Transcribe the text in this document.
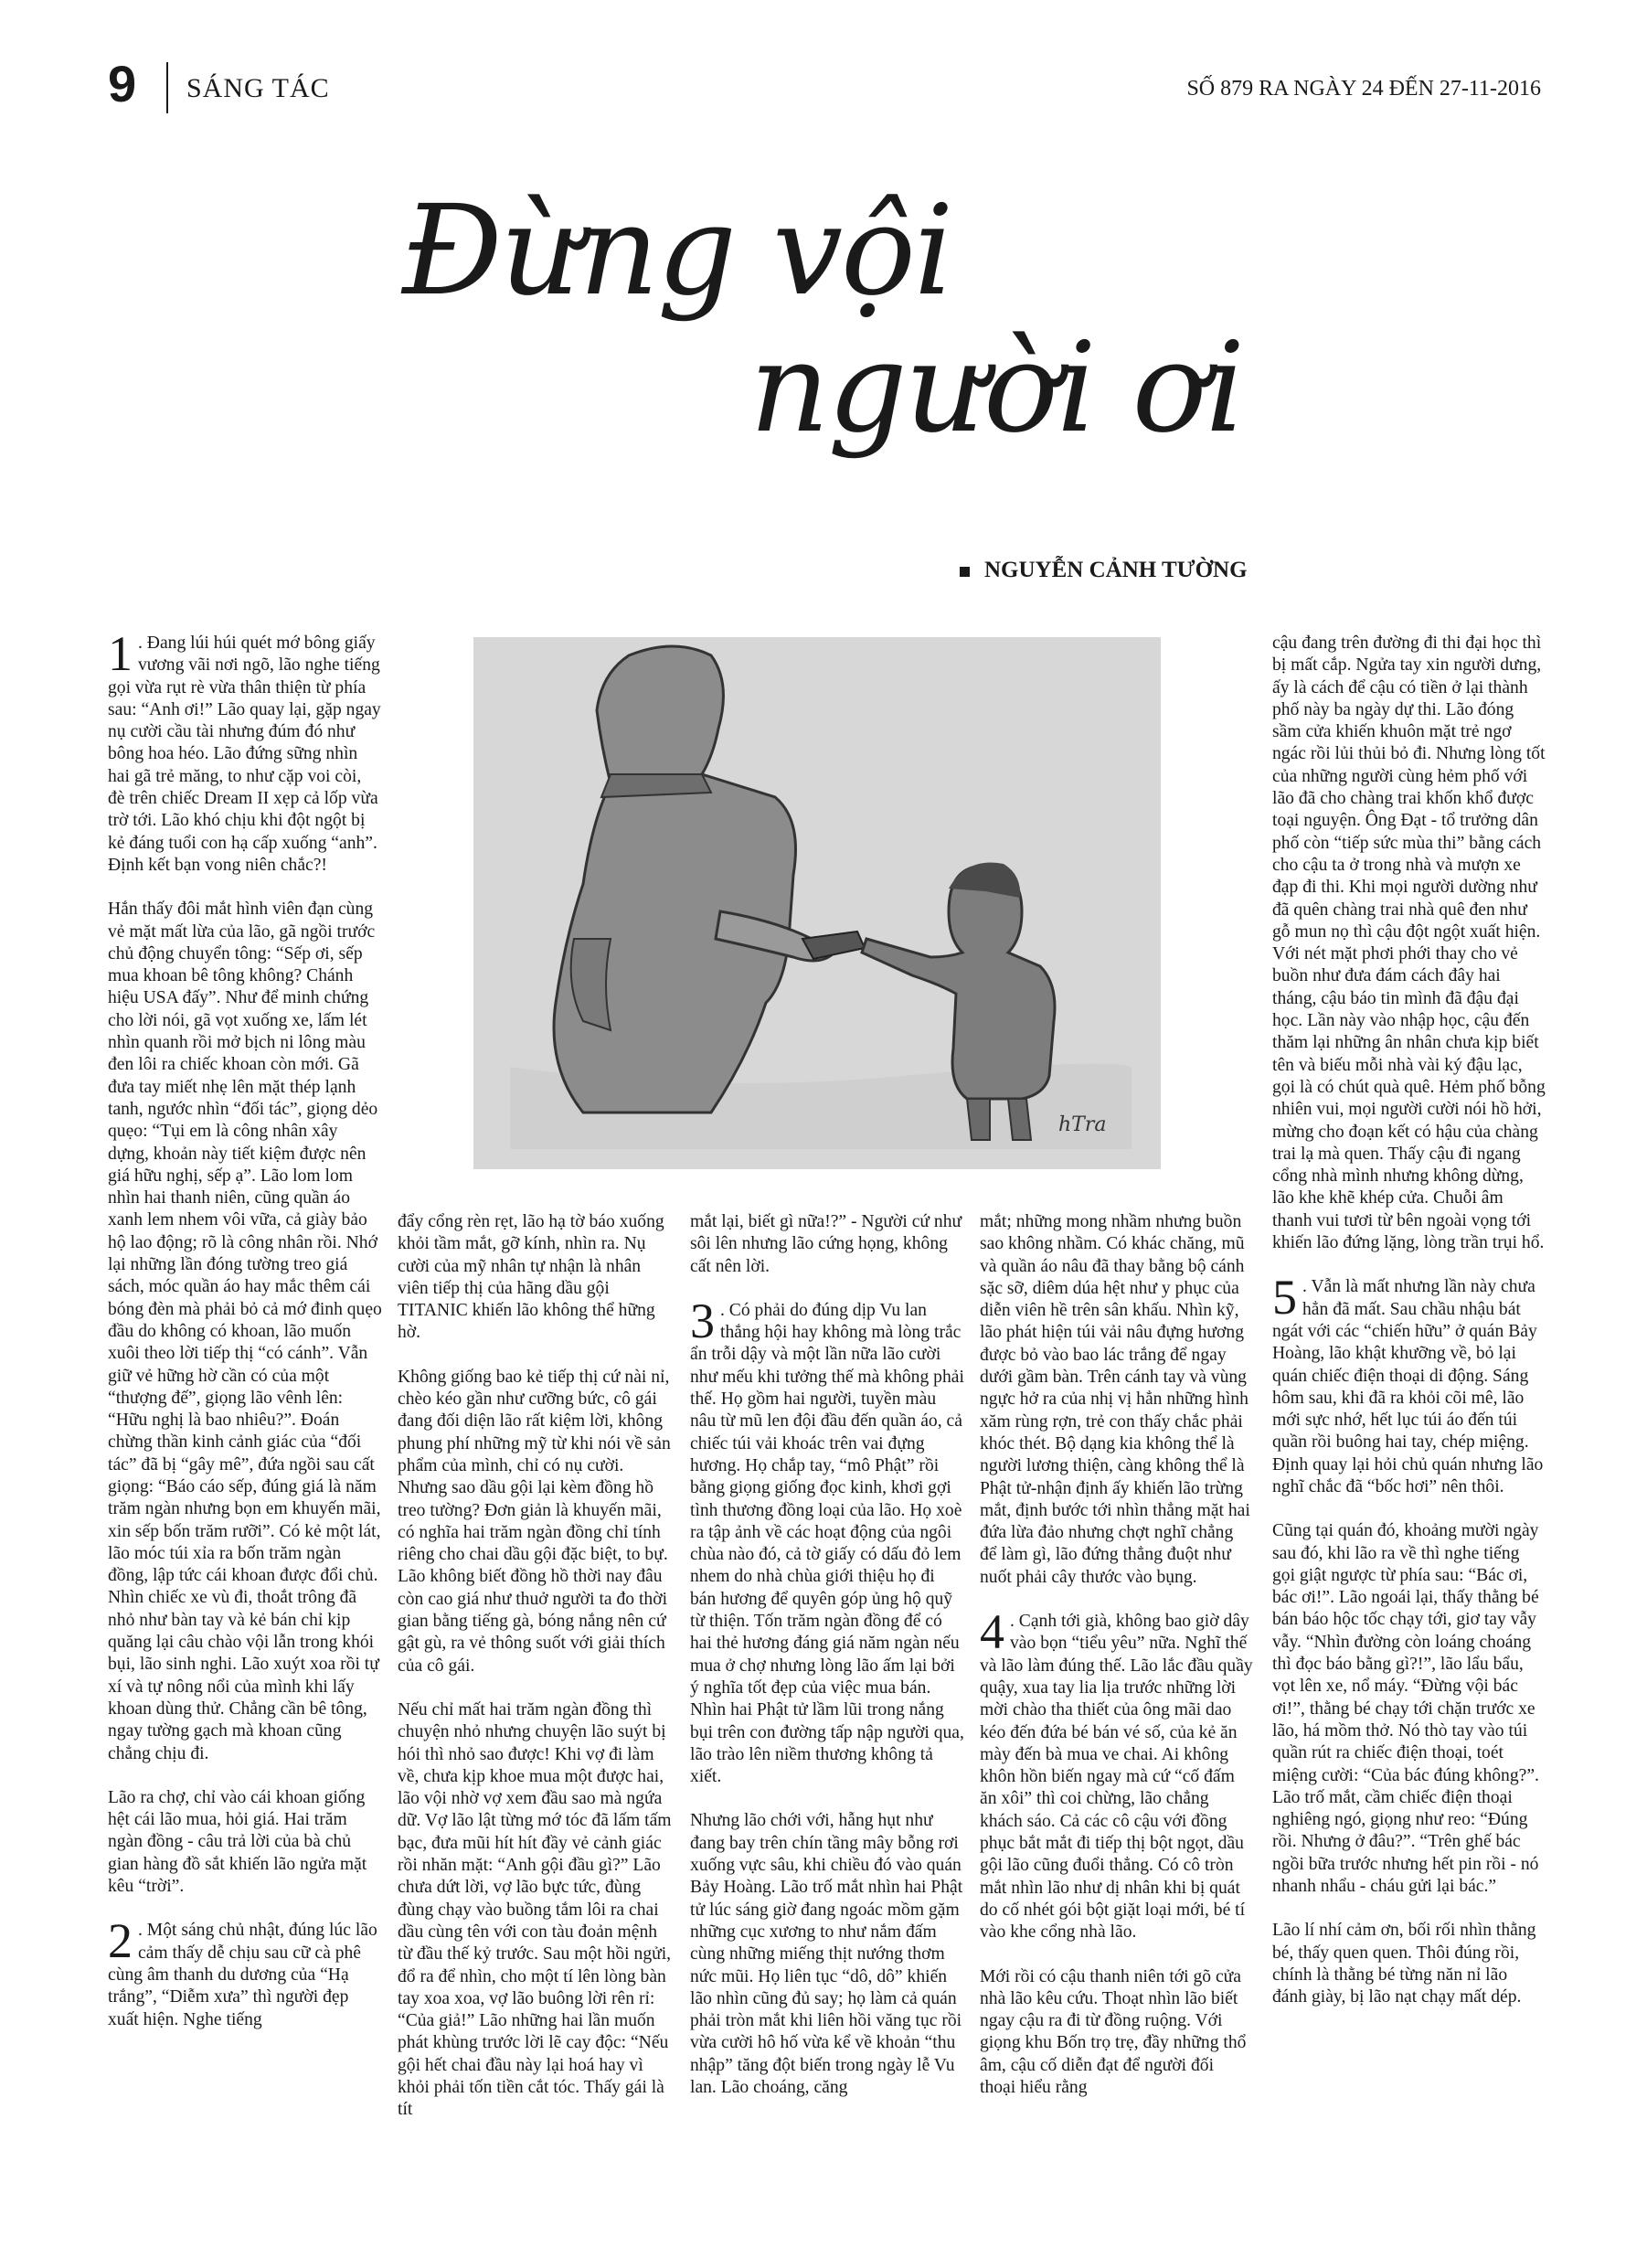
9 SÁNG TÁC	SỐ 879 RA NGÀY 24 ĐẾN 27-11-2016
Đừng vội
người ơi
NGUYỄN CẢNH TƯỜNG
hTra

1 . Đang lúi húi quét mớ bông giấy vương vãi nơi ngõ, lão nghe tiếng gọi vừa rụt rè vừa thân thiện từ phía sau: “Anh ơi!” Lão quay lại, gặp ngay nụ cười cầu tài nhưng đúm đó như bông hoa héo. Lão đứng sững nhìn hai gã trẻ măng, to như cặp voi còi, đè trên chiếc Dream II xẹp cả lốp vừa trờ tới. Lão khó chịu khi đột ngột bị kẻ đáng tuổi con hạ cấp xuống “anh”. Định kết bạn vong niên chắc?!

Hắn thấy đôi mắt hình viên đạn cùng vẻ mặt mất lừa của lão, gã ngồi trước chủ động chuyển tông: “Sếp ơi, sếp mua khoan bê tông không? Chánh hiệu USA đấy”. Như để minh chứng cho lời nói, gã vọt xuống xe, lấm lét nhìn quanh rồi mở bịch ni lông màu đen lôi ra chiếc khoan còn mới. Gã đưa tay miết nhẹ lên mặt thép lạnh tanh, ngước nhìn “đối tác”, giọng dẻo quẹo: “Tụi em là công nhân xây dựng, khoản này tiết kiệm được nên giá hữu nghị, sếp ạ”. Lão lom lom nhìn hai thanh niên, cũng quần áo xanh lem nhem vôi vữa, cả giày bảo hộ lao động; rõ là công nhân rồi. Nhớ lại những lần đóng tường treo giá sách, móc quần áo hay mắc thêm cái bóng đèn mà phải bỏ cả mớ đinh quẹo đầu do không có khoan, lão muốn xuôi theo lời tiếp thị “có cánh”. Vẫn giữ vẻ hững hờ cần có của một “thượng đế”, giọng lão vênh lên: “Hữu nghị là bao nhiêu?”. Đoán chừng thần kinh cảnh giác của “đối tác” đã bị “gây mê”, đứa ngồi sau cất giọng: “Báo cáo sếp, đúng giá là năm trăm ngàn nhưng bọn em khuyến mãi, xin sếp bốn trăm rưỡi”. Có kẻ một lát, lão móc túi xỉa ra bốn trăm ngàn đồng, lập tức cái khoan được đổi chủ. Nhìn chiếc xe vù đi, thoắt trông đã nhỏ như bàn tay và kẻ bán chỉ kịp quăng lại câu chào vội lẫn trong khói bụi, lão sinh nghi. Lão xuýt xoa rồi tự xí và tự nông nổi của mình khi lấy khoan dùng thử. Chẳng cần bê tông, ngay tường gạch mà khoan cũng chẳng chịu đi.

Lão ra chợ, chỉ vào cái khoan giống hệt cái lão mua, hỏi giá. Hai trăm ngàn đồng - câu trả lời của bà chủ gian hàng đồ sắt khiến lão ngửa mặt kêu “trời”.

2 . Một sáng chủ nhật, đúng lúc lão cảm thấy dễ chịu sau cữ cà phê cùng âm thanh du dương của “Hạ trắng”, “Diễm xưa” thì người đẹp xuất hiện. Nghe tiếng

đẩy cổng rèn rẹt, lão hạ tờ báo xuống khỏi tầm mắt, gỡ kính, nhìn ra. Nụ cười của mỹ nhân tự nhận là nhân viên tiếp thị của hãng dầu gội TITANIC khiến lão không thể hững hờ.

Không giống bao kẻ tiếp thị cứ nài nỉ, chèo kéo gần như cưỡng bức, cô gái đang đối diện lão rất kiệm lời, không phung phí những mỹ từ khi nói về sản phẩm của mình, chỉ có nụ cười. Nhưng sao dầu gội lại kèm đồng hồ treo tường? Đơn giản là khuyến mãi, có nghĩa hai trăm ngàn đồng chỉ tính riêng cho chai dầu gội đặc biệt, to bự. Lão không biết đồng hồ thời nay đâu còn cao giá như thuở người ta đo thời gian bằng tiếng gà, bóng nắng nên cứ gật gù, ra vẻ thông suốt với giải thích của cô gái.

Nếu chỉ mất hai trăm ngàn đồng thì chuyện nhỏ nhưng chuyện lão suýt bị hói thì nhỏ sao được! Khi vợ đi làm về, chưa kịp khoe mua một được hai, lão vội nhờ vợ xem đầu sao mà ngứa dữ. Vợ lão lật từng mớ tóc đã lấm tấm bạc, đưa mũi hít hít đầy vẻ cảnh giác rồi nhăn mặt: “Anh gội đầu gì?” Lão chưa dứt lời, vợ lão bực tức, đùng đùng chạy vào buồng tắm lôi ra chai dầu cùng tên với con tàu đoản mệnh từ đầu thế kỷ trước. Sau một hồi ngửi, đổ ra để nhìn, cho một tí lên lòng bàn tay xoa xoa, vợ lão buông lời rên rỉ: “Của giả!” Lão những hai lần muốn phát khùng trước lời lẽ cay độc: “Nếu gội hết chai đầu này lại hoá hay vì khỏi phải tốn tiền cắt tóc. Thấy gái là tít

mắt lại, biết gì nữa!?” - Người cứ như sôi lên nhưng lão cứng họng, không cất nên lời.

3 . Có phải do đúng dịp Vu lan thắng hội hay không mà lòng trắc ẩn trỗi dậy và một lần nữa lão cười như mếu khi tưởng thế mà không phải thế. Họ gồm hai người, tuyền màu nâu từ mũ len đội đầu đến quần áo, cả chiếc túi vải khoác trên vai đựng hương. Họ chắp tay, “mô Phật” rồi bằng giọng giống đọc kinh, khơi gợi tình thương đồng loại của lão. Họ xoè ra tập ảnh về các hoạt động của ngôi chùa nào đó, cả tờ giấy có dấu đỏ lem nhem do nhà chùa giới thiệu họ đi bán hương để quyên góp ủng hộ quỹ từ thiện. Tốn trăm ngàn đồng để có hai thẻ hương đáng giá năm ngàn nếu mua ở chợ nhưng lòng lão ấm lại bởi ý nghĩa tốt đẹp của việc mua bán. Nhìn hai Phật tử lầm lũi trong nắng bụi trên con đường tấp nập người qua, lão trào lên niềm thương không tả xiết.

Nhưng lão chới với, hẫng hụt như đang bay trên chín tầng mây bỗng rơi xuống vực sâu, khi chiều đó vào quán Bảy Hoàng. Lão trố mắt nhìn hai Phật tử lúc sáng giờ đang ngoác mồm gặm những cục xương to như nắm đấm cùng những miếng thịt nướng thơm nức mũi. Họ liên tục “dô, dô” khiến lão nhìn cũng đủ say; họ làm cả quán phải tròn mắt khi liên hồi văng tục rồi vừa cười hô hố vừa kể về khoản “thu nhập” tăng đột biến trong ngày lễ Vu lan. Lão choáng, căng

mắt; những mong nhầm nhưng buồn sao không nhầm. Có khác chăng, mũ và quần áo nâu đã thay bằng bộ cánh sặc sỡ, diêm dúa hệt như y phục của diễn viên hề trên sân khấu. Nhìn kỹ, lão phát hiện túi vải nâu đựng hương được bỏ vào bao lác trắng để ngay dưới gầm bàn. Trên cánh tay và vùng ngực hở ra của nhị vị hẳn những hình xăm rùng rợn, trẻ con thấy chắc phải khóc thét. Bộ dạng kia không thể là người lương thiện, càng không thể là Phật tử-nhận định ấy khiến lão trừng mắt, định bước tới nhìn thẳng mặt hai đứa lừa đảo nhưng chợt nghĩ chẳng để làm gì, lão đứng thẳng đuột như nuốt phải cây thước vào bụng.

4 . Cạnh tới già, không bao giờ dây vào bọn “tiểu yêu” nữa. Nghĩ thế và lão làm đúng thế. Lão lắc đầu quầy quậy, xua tay lia lịa trước những lời mời chào tha thiết của ông mãi dao kéo đến đứa bé bán vé số, của kẻ ăn mày đến bà mua ve chai. Ai không khôn hồn biến ngay mà cứ “cố đấm ăn xôi” thì coi chừng, lão chẳng khách sáo. Cả các cô cậu với đồng phục bắt mắt đi tiếp thị bột ngọt, dầu gội lão cũng đuổi thẳng. Có cô tròn mắt nhìn lão như dị nhân khi bị quát do cố nhét gói bột giặt loại mới, bé tí vào khe cổng nhà lão.

Mới rồi có cậu thanh niên tới gõ cửa nhà lão kêu cứu. Thoạt nhìn lão biết ngay cậu ra đi từ đồng ruộng. Với giọng khu Bốn trọ trẹ, đầy những thổ âm, cậu cố diễn đạt để người đối thoại hiểu rằng

cậu đang trên đường đi thi đại học thì bị mất cắp. Ngửa tay xin người dưng, ấy là cách để cậu có tiền ở lại thành phố này ba ngày dự thi. Lão đóng sầm cửa khiến khuôn mặt trẻ ngơ ngác rồi lủi thủi bỏ đi. Nhưng lòng tốt của những người cùng hẻm phố với lão đã cho chàng trai khốn khổ được toại nguyện. Ông Đạt - tổ trưởng dân phố còn “tiếp sức mùa thi” bằng cách cho cậu ta ở trong nhà và mượn xe đạp đi thi. Khi mọi người dường như đã quên chàng trai nhà quê đen như gỗ mun nọ thì cậu đột ngột xuất hiện. Với nét mặt phơi phới thay cho vẻ buồn như đưa đám cách đây hai tháng, cậu báo tin mình đã đậu đại học. Lần này vào nhập học, cậu đến thăm lại những ân nhân chưa kịp biết tên và biếu mỗi nhà vài ký đậu lạc, gọi là có chút quà quê. Hẻm phố bỗng nhiên vui, mọi người cười nói hồ hởi, mừng cho đoạn kết có hậu của chàng trai lạ mà quen. Thấy cậu đi ngang cổng nhà mình nhưng không dừng, lão khe khẽ khép cửa. Chuỗi âm thanh vui tươi từ bên ngoài vọng tới khiến lão đứng lặng, lòng trần trụi hổ.

5 . Vẫn là mất nhưng lần này chưa hẳn đã mất. Sau chầu nhậu bát ngát với các “chiến hữu” ở quán Bảy Hoàng, lão khật khưỡng về, bỏ lại quán chiếc điện thoại di động. Sáng hôm sau, khi đã ra khỏi cõi mê, lão mới sực nhớ, hết lục túi áo đến túi quần rồi buông hai tay, chép miệng. Định quay lại hỏi chủ quán nhưng lão nghĩ chắc đã “bốc hơi” nên thôi.

Cũng tại quán đó, khoảng mười ngày sau đó, khi lão ra về thì nghe tiếng gọi giật ngược từ phía sau: “Bác ơi, bác ơi!”. Lão ngoái lại, thấy thằng bé bán báo hộc tốc chạy tới, giơ tay vẫy vẫy. “Nhìn đường còn loáng choáng thì đọc báo bằng gì?!”, lão lẩu bẩu, vọt lên xe, nổ máy. “Đừng vội bác ơi!”, thằng bé chạy tới chặn trước xe lão, há mồm thở. Nó thò tay vào túi quần rút ra chiếc điện thoại, toét miệng cười: “Của bác đúng không?”. Lão trố mắt, cầm chiếc điện thoại nghiêng ngó, giọng như reo: “Đúng rồi. Nhưng ở đâu?”. “Trên ghế bác ngồi bữa trước nhưng hết pin rồi - nó nhanh nhẩu - cháu gửi lại bác.”

Lão lí nhí cảm ơn, bối rối nhìn thằng bé, thấy quen quen. Thôi đúng rồi, chính là thằng bé từng năn nỉ lão đánh giày, bị lão nạt chạy mất dép.
